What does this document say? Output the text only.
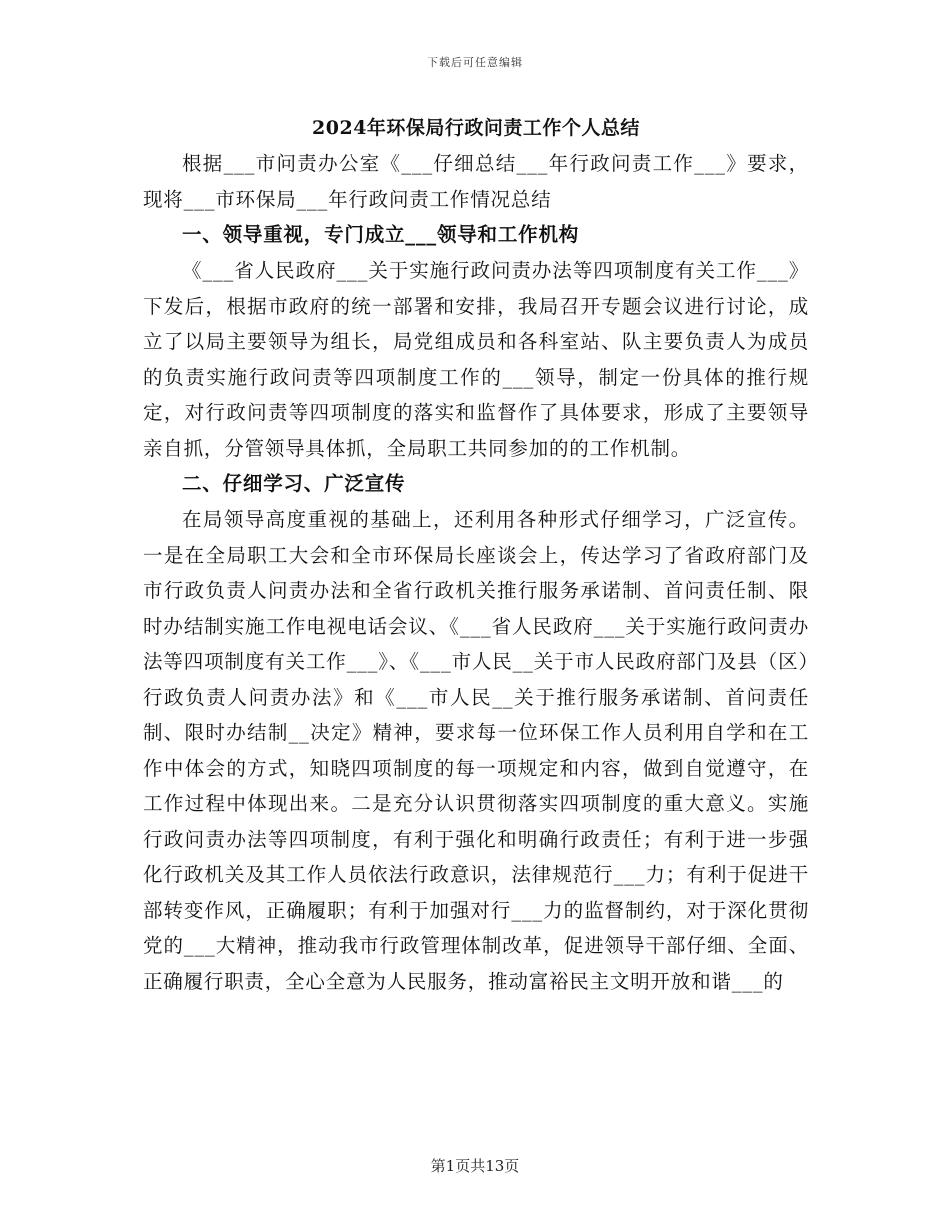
下载后可任意编辑
2024年环保局行政问责工作个人总结

根据___市问责办公室《___仔细总结___年行政问责工作___》要求，现将___市环保局___年行政问责工作情况总结

一、领导重视，专门成立___领导和工作机构

《___省人民政府___关于实施行政问责办法等四项制度有关工作___》下发后，根据市政府的统一部署和安排，我局召开专题会议进行讨论，成立了以局主要领导为组长，局党组成员和各科室站、队主要负责人为成员的负责实施行政问责等四项制度工作的___领导，制定一份具体的推行规定，对行政问责等四项制度的落实和监督作了具体要求，形成了主要领导亲自抓，分管领导具体抓，全局职工共同参加的的工作机制。

二、仔细学习、广泛宣传

在局领导高度重视的基础上，还利用各种形式仔细学习，广泛宣传。一是在全局职工大会和全市环保局长座谈会上，传达学习了省政府部门及市行政负责人问责办法和全省行政机关推行服务承诺制、首问责任制、限时办结制实施工作电视电话会议、《___省人民政府___关于实施行政问责办法等四项制度有关工作___》、《___市人民__关于市人民政府部门及县（区）行政负责人问责办法》和《___市人民__关于推行服务承诺制、首问责任制、限时办结制__决定》精神，要求每一位环保工作人员利用自学和在工作中体会的方式，知晓四项制度的每一项规定和内容，做到自觉遵守，在工作过程中体现出来。二是充分认识贯彻落实四项制度的重大意义。实施行政问责办法等四项制度，有利于强化和明确行政责任；有利于进一步强化行政机关及其工作人员依法行政意识，法律规范行___力；有利于促进干部转变作风，正确履职；有利于加强对行___力的监督制约，对于深化贯彻党的___大精神，推动我市行政管理体制改革，促进领导干部仔细、全面、正确履行职责，全心全意为人民服务，推动富裕民主文明开放和谐___的

第1页共13页
